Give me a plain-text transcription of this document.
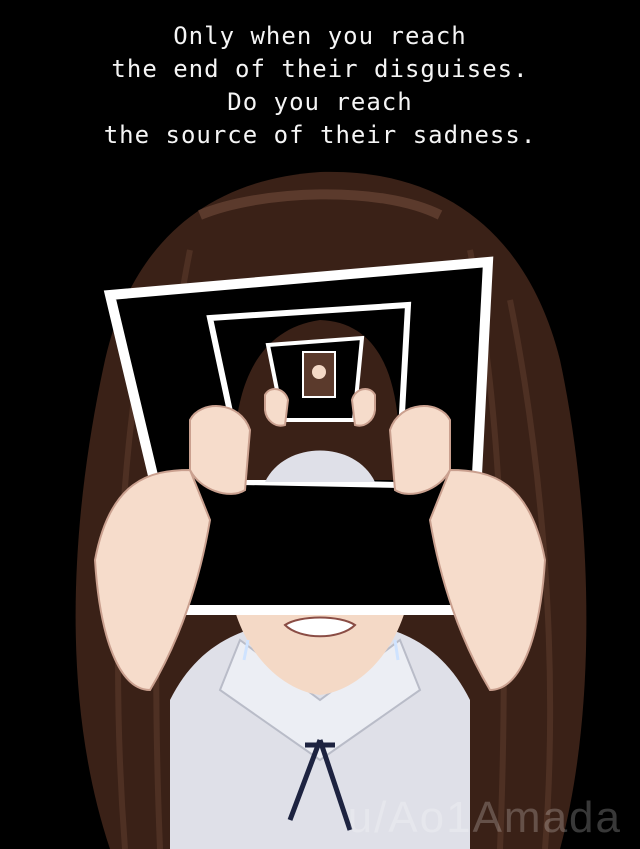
Only when you reach
the end of their disguises.
Do you reach
the source of their sadness.
u/Ao1Amada
